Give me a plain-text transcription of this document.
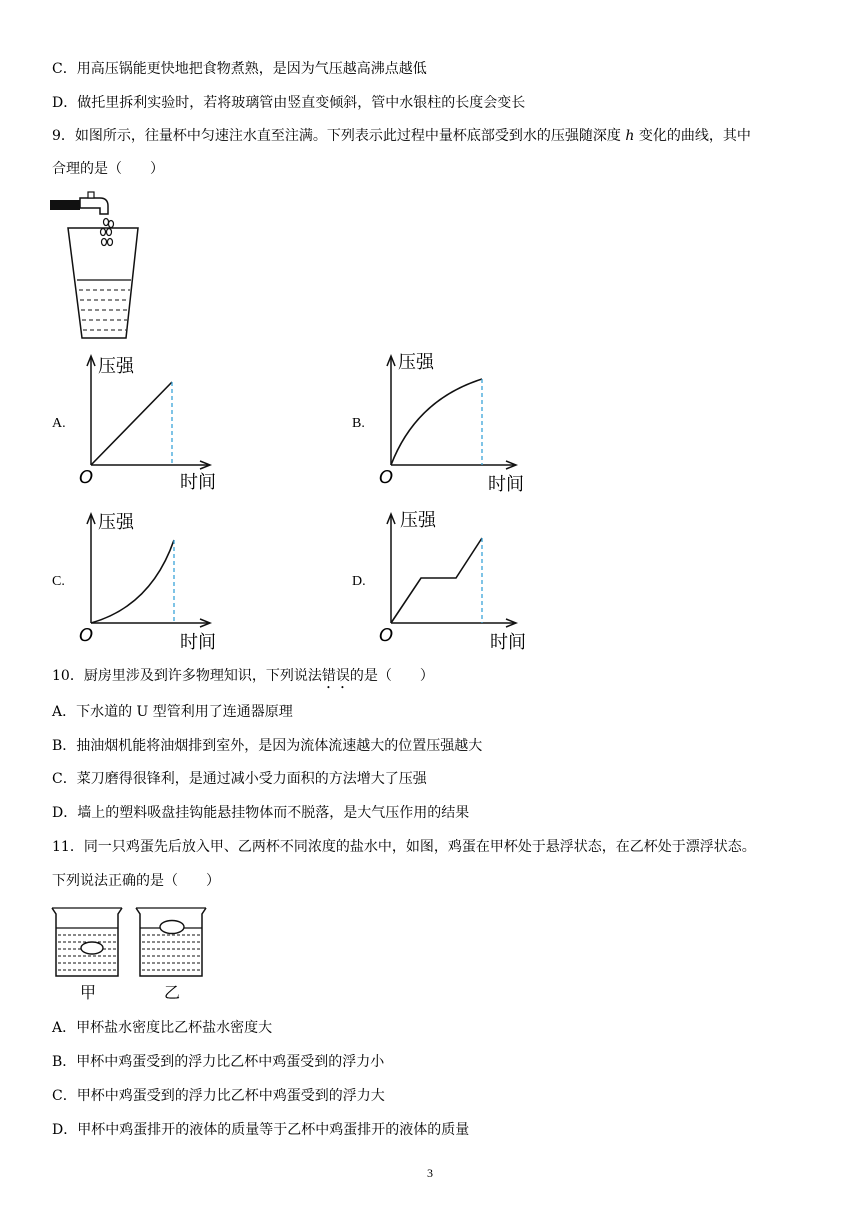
C．用高压锅能更快地把食物煮熟，是因为气压越高沸点越低
D．做托里拆利实验时，若将玻璃管由竖直变倾斜，管中水银柱的长度会变长
9．如图所示，往量杯中匀速注水直至注满。下列表示此过程中量杯底部受到水的压强随深度 h 变化的曲线，其中
合理的是（　　）
A.	B.
C.	D.
压强
时间
O
压强
时间
O
压强
时间
O
压强
时间
O
10．厨房里涉及到许多物理知识，下列说法错误的是（　　）
A．下水道的 U 型管利用了连通器原理
B．抽油烟机能将油烟排到室外，是因为流体流速越大的位置压强越大
C．菜刀磨得很锋利，是通过减小受力面积的方法增大了压强
D．墙上的塑料吸盘挂钩能悬挂物体而不脱落，是大气压作用的结果
11．同一只鸡蛋先后放入甲、乙两杯不同浓度的盐水中，如图，鸡蛋在甲杯处于悬浮状态，在乙杯处于漂浮状态。
下列说法正确的是（　　）
甲	乙
A．甲杯盐水密度比乙杯盐水密度大
B．甲杯中鸡蛋受到的浮力比乙杯中鸡蛋受到的浮力小
C．甲杯中鸡蛋受到的浮力比乙杯中鸡蛋受到的浮力大
D．甲杯中鸡蛋排开的液体的质量等于乙杯中鸡蛋排开的液体的质量
3
